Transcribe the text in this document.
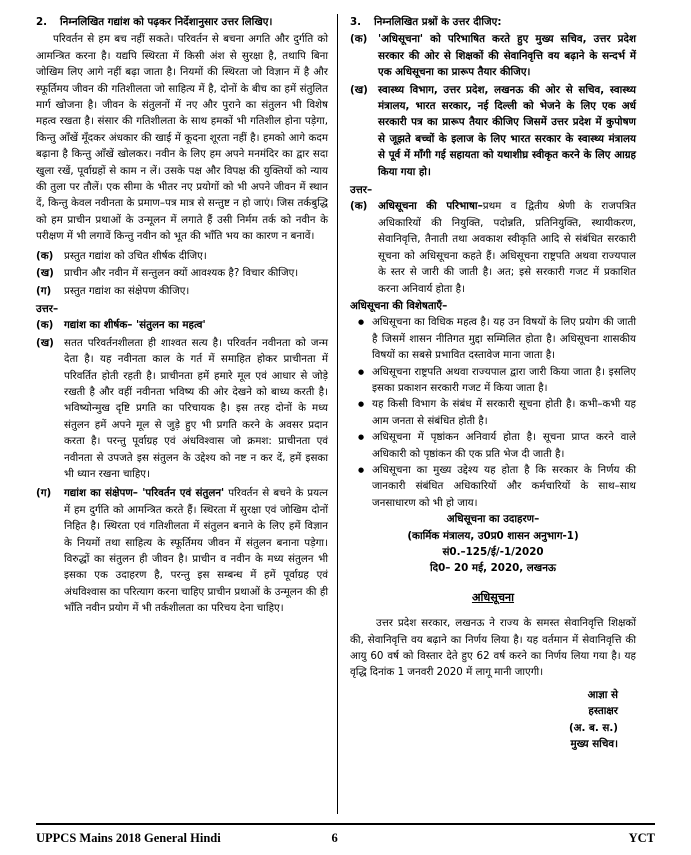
2.	निम्नलिखित गद्यांश को पढ़कर निर्देशानुसार उत्तर लिखिए।
परिवर्तन से हम बच नहीं सकते। परिवर्तन से बचना अगति और दुर्गति को आमन्त्रित करना है। यद्यपि स्थिरता में किसी अंश से सुरक्षा है, तथापि बिना जोखिम लिए आगे नहीं बढ़ा जाता है। नियमों की स्थिरता जो विज्ञान में है और स्फूर्तिमय जीवन की गतिशीलता जो साहित्य में है, दोनों के बीच का हमें संतुलित मार्ग खोजना है। जीवन के संतुलनों में नए और पुराने का संतुलन भी विशेष महत्व रखता है। संसार की गतिशीलता के साथ हमकों भी गतिशील होना पड़ेगा, किन्तु आँखें मूँदकर अंधकार की खाई में कूदना शूरता नहीं है। हमको आगे कदम बढ़ाना है किन्तु आँखें खोलकर। नवीन के लिए हम अपने मनमंदिर का द्वार सदा खुला रखें, पूर्वाग्रहों से काम न लें। उसके पक्ष और विपक्ष की युक्तियों को न्याय की तुला पर तौलें। एक सीमा के भीतर नए प्रयोगों को भी अपने जीवन में स्थान दें, किन्तु केवल नवीनता के प्रमाण–पत्र मात्र से सन्तुष्ट न हो जाएं। जिस तर्कबुद्धि को हम प्राचीन प्रथाओं के उन्मूलन में लगाते हैं उसी निर्मम तर्क को नवीन के परीक्षण में भी लगावें किन्तु नवीन को भूत की भाँति भय का कारण न बनावें।
(क)	प्रस्तुत गद्यांश को उचित शीर्षक दीजिए।
(ख) प्राचीन और नवीन में सन्तुलन क्यों आवश्यक है? विचार कीजिए।
(ग)	प्रस्तुत गद्यांश का संक्षेपण कीजिए।
उत्तर–
(क)	गद्यांश का शीर्षक– 'संतुलन का महत्व'
(ख) सतत परिवर्तनशीलता ही शाश्वत सत्य है। परिवर्तन नवीनता को जन्म देता है। यह नवीनता काल के गर्त में समाहित होकर प्राचीनता में परिवर्तित होती रहती है। प्राचीनता हमें हमारे मूल एवं आधार से जोड़े रखती है और वहीं नवीनता भविष्य की ओर देखने को बाध्य करती है। भविष्योन्मुख दृष्टि प्रगति का परिचायक है। इस तरह दोनों के मध्य संतुलन हमें अपने मूल से जुड़े हुए भी प्रगति करने के अवसर प्रदान करता है। परन्तु पूर्वाग्रह एवं अंधविश्वास जो क्रमश: प्राचीनता एवं नवीनता से उपजते इस संतुलन के उद्देश्य को नष्ट न कर दें, हमें इसका भी ध्यान रखना चाहिए।
(ग)	गद्यांश का संक्षेपण– 'परिवर्तन एवं संतुलन' परिवर्तन से बचने के प्रयत्न में हम दुर्गति को आमन्त्रित करते हैं। स्थिरता में सुरक्षा एवं जोखिम दोनों निहित है। स्थिरता एवं गतिशीलता में संतुलन बनाने के लिए हमें विज्ञान के नियमों तथा साहित्य के स्फूर्तिमय जीवन में संतुलन बनाना पड़ेगा। विरुद्धों का संतुलन ही जीवन है। प्राचीन व नवीन के मध्य संतुलन भी इसका एक उदाहरण है, परन्तु इस सम्बन्ध में हमें पूर्वाग्रह एवं अंधविश्वास का परित्याग करना चाहिए प्राचीन प्रथाओं के उन्मूलन की ही भाँति नवीन प्रयोग में भी तर्कशीलता का परिचय देना चाहिए।
3.	निम्नलिखित प्रश्नों के उत्तर दीजिए:
(क)	'अधिसूचना' को परिभाषित करते हुए मुख्य सचिव, उत्तर प्रदेश सरकार की ओर से शिक्षकों की सेवानिवृत्ति वय बढ़ाने के सन्दर्भ में एक अधिसूचना का प्रारूप तैयार कीजिए।
(ख) स्वास्थ्य विभाग, उत्तर प्रदेश, लखनऊ की ओर से सचिव, स्वास्थ्य मंत्रालय, भारत सरकार, नई दिल्ली को भेजने के लिए एक अर्ध सरकारी पत्र का प्रारूप तैयार कीजिए जिसमें उत्तर प्रदेश में कुपोषण से जूझते बच्चों के इलाज के लिए भारत सरकार के स्वास्थ्य मंत्रालय से पूर्व में माँगी गई सहायता को यथाशीघ्र स्वीकृत करने के लिए आग्रह किया गया हो।
उत्तर–
(क)	अधिसूचना की परिभाषा–प्रथम व द्वितीय श्रेणी के राजपत्रित अधिकारियों की नियुक्ति, पदोन्नति, प्रतिनियुक्ति, स्थायीकरण, सेवानिवृत्ति, तैनाती तथा अवकाश स्वीकृति आदि से संबंधित सरकारी सूचना को अधिसूचना कहते हैं। अधिसूचना राष्ट्रपति अथवा राज्यपाल के स्तर से जारी की जाती है। अत; इसे सरकारी गजट में प्रकाशित करना अनिवार्य होता है।
अधिसूचना की विशेषताएँ–
●
अधिसूचना का विधिक महत्व है। यह उन विषयों के लिए प्रयोग की जाती है जिसमें शासन नीतिगत मुद्दा सम्मिलित होता है। अधिसूचना शासकीय विषयों का सबसे प्रभावित दस्तावेज माना जाता है।
●
अधिसूचना राष्ट्रपति अथवा राज्यपाल द्वारा जारी किया जाता है। इसलिए इसका प्रकाशन सरकारी गजट में किया जाता है।
●
यह किसी विभाग के संबंध में सरकारी सूचना होती है। कभी–कभी यह आम जनता से संबंधित होती है।
●
अधिसूचना में पृष्ठांकन अनिवार्य होता है। सूचना प्राप्त करने वाले अधिकारी को पृष्ठांकन की एक प्रति भेज दी जाती है।
●
अधिसूचना का मुख्य उद्देश्य यह होता है कि सरकार के निर्णय की जानकारी संबंधित अधिकारियों और कर्मचारियों के साथ–साथ जनसाधारण को भी हो जाय।
अधिसूचना का उदाहरण–
(कार्मिक मंत्रालय, उ0प्र0 शासन अनुभाग-1)
सं0.–125/ई/-1/2020
दि0– 20 मई, 2020, लखनऊ
अधिसूचना
उत्तर प्रदेश सरकार, लखनऊ ने राज्य के समस्त सेवानिवृत्ति शिक्षकों की, सेवानिवृत्ति वय बढ़ाने का निर्णय लिया है। यह वर्तमान में सेवानिवृत्ति की आयु 60 वर्ष को विस्तार देते हुए 62 वर्ष करने का निर्णय लिया गया है। यह वृद्धि दिनांक 1 जनवरी 2020 में लागू मानी जाएगी।
आज्ञा से
हस्ताक्षर
(अ. ब. स.)
मुख्य सचिव।
UPPCS Mains 2018 General Hindi	6	YCT
